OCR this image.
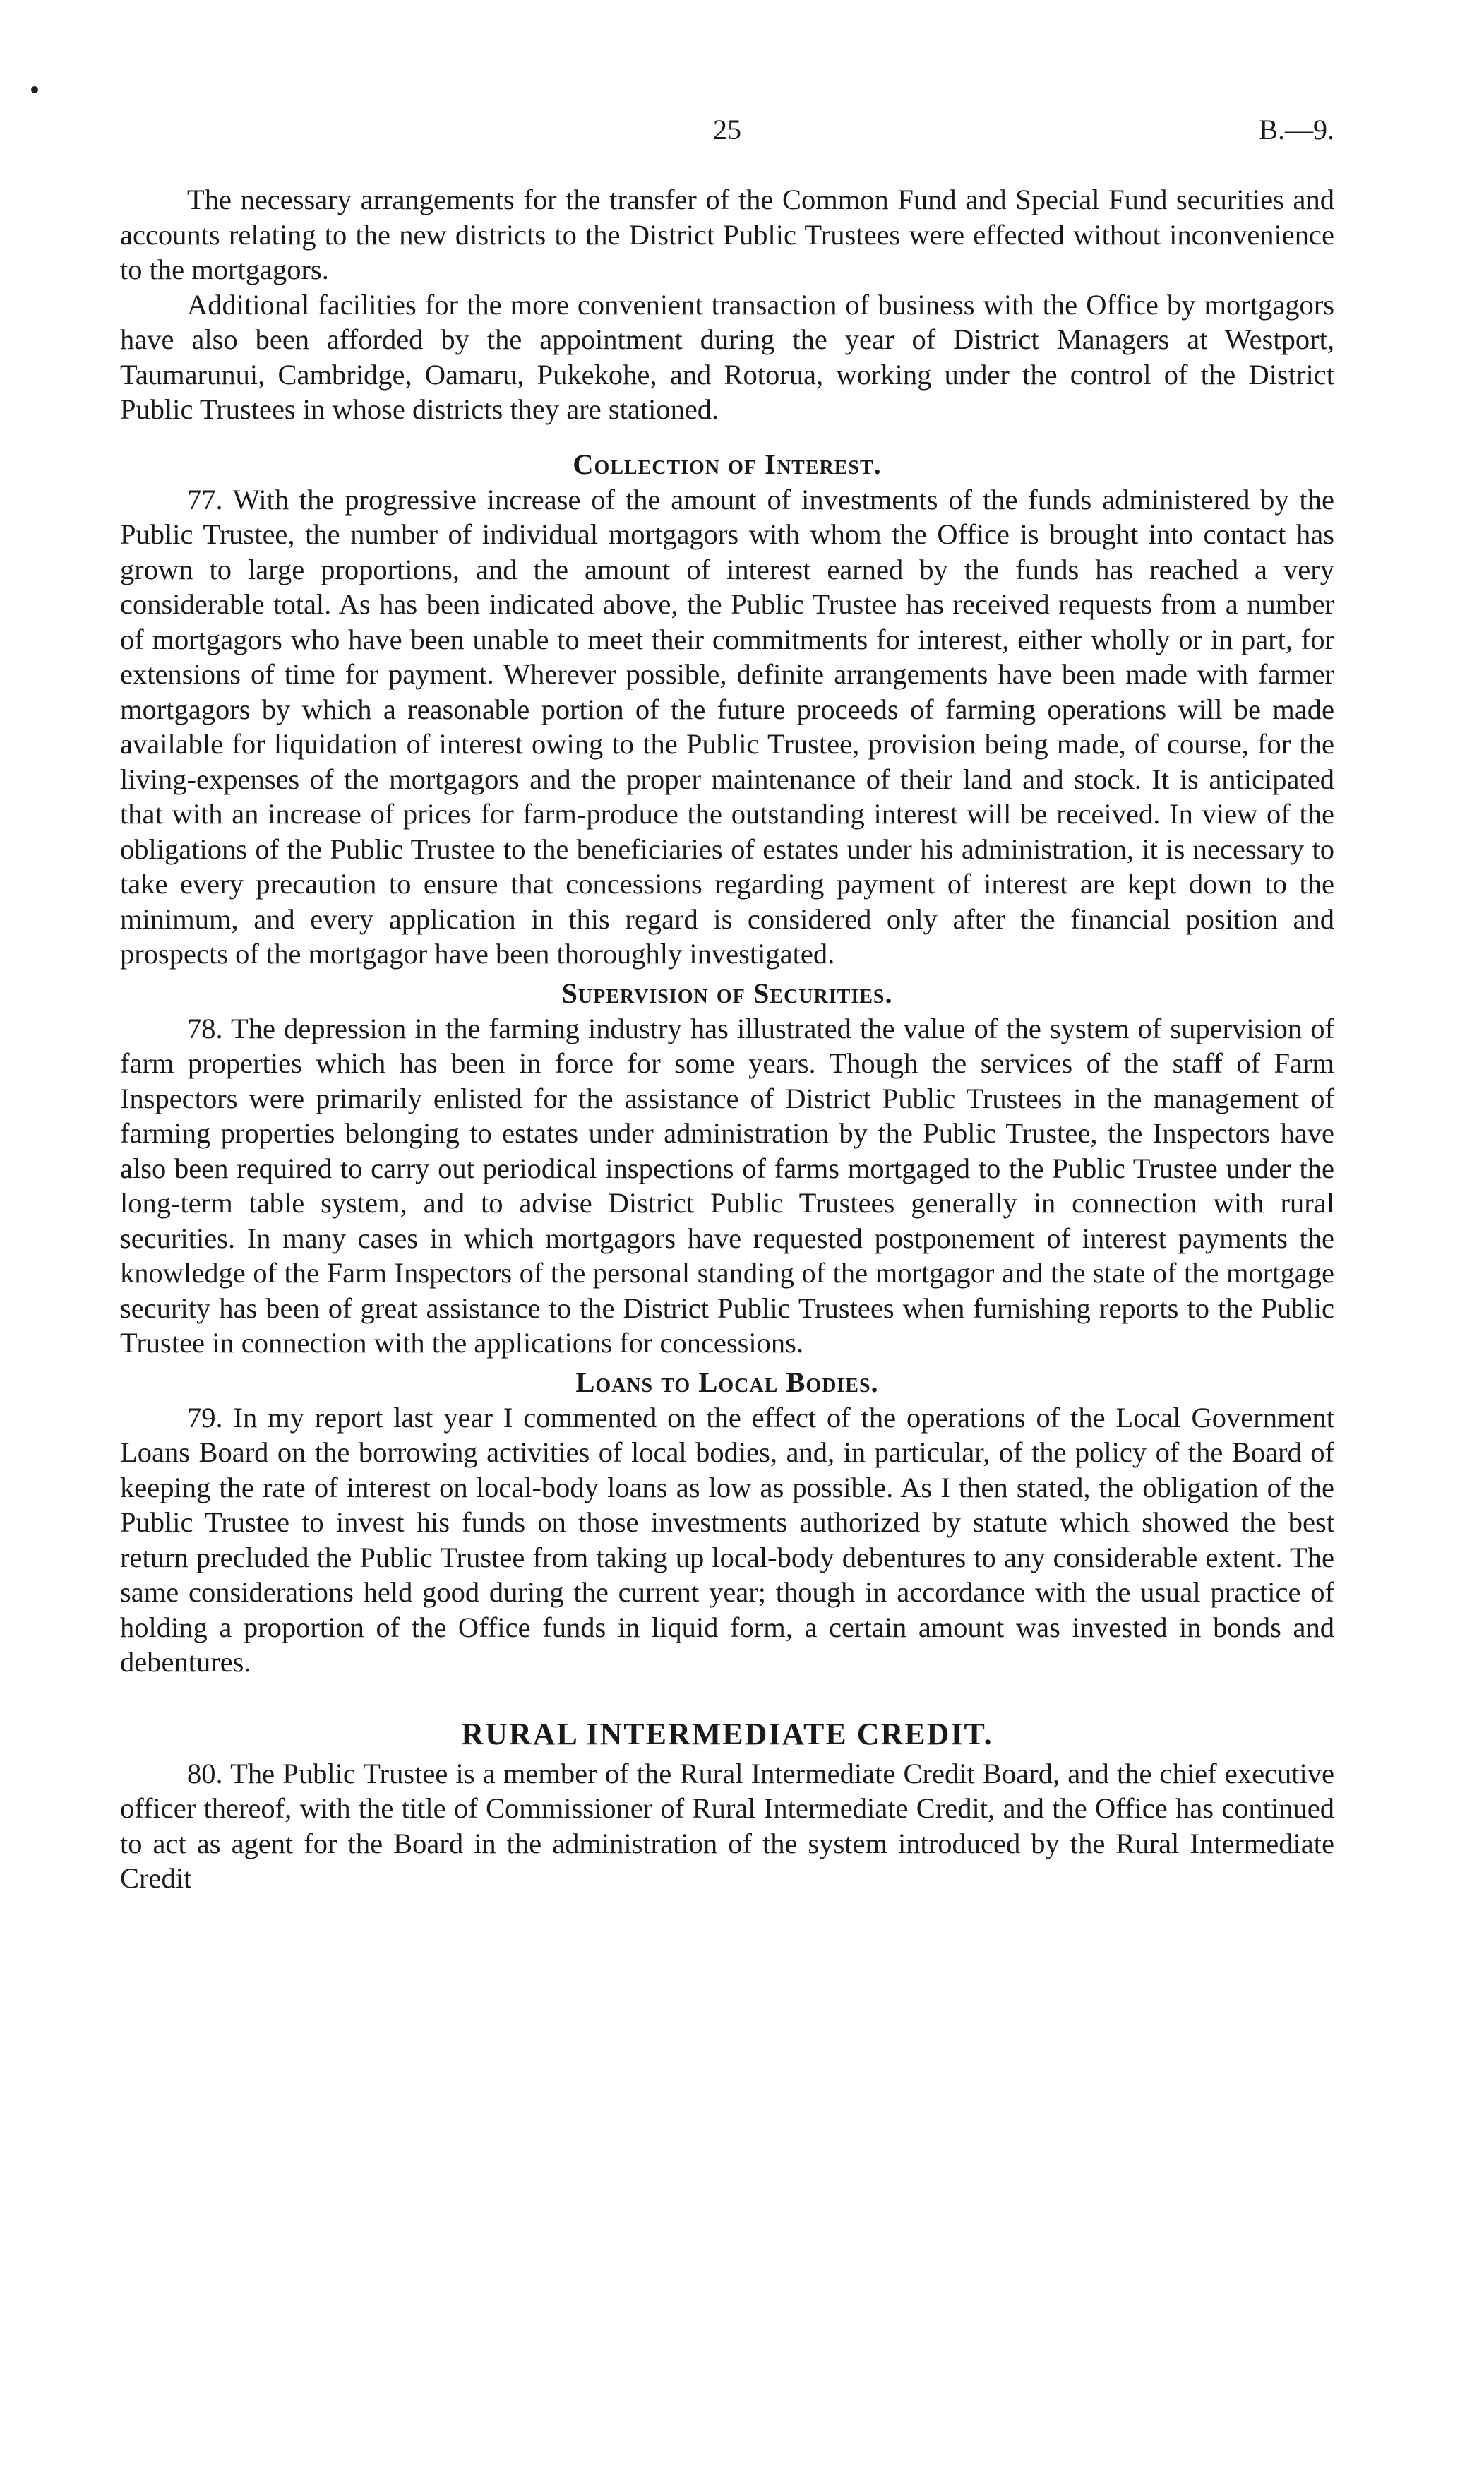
25	B.—9.

The necessary arrangements for the transfer of the Common Fund and Special Fund securities and accounts relating to the new districts to the District Public Trustees were effected without inconvenience to the mortgagors.

Additional facilities for the more convenient transaction of business with the Office by mortgagors have also been afforded by the appointment during the year of District Managers at Westport, Taumarunui, Cambridge, Oamaru, Pukekohe, and Rotorua, working under the control of the District Public Trustees in whose districts they are stationed.

Collection of Interest.

77. With the progressive increase of the amount of investments of the funds administered by the Public Trustee, the number of individual mortgagors with whom the Office is brought into contact has grown to large proportions, and the amount of interest earned by the funds has reached a very considerable total. As has been indicated above, the Public Trustee has received requests from a number of mortgagors who have been unable to meet their commitments for interest, either wholly or in part, for extensions of time for payment. Wherever possible, definite arrangements have been made with farmer mortgagors by which a reasonable portion of the future proceeds of farming operations will be made available for liquidation of interest owing to the Public Trustee, provision being made, of course, for the living-expenses of the mortgagors and the proper maintenance of their land and stock. It is anticipated that with an increase of prices for farm-produce the outstanding interest will be received. In view of the obligations of the Public Trustee to the beneficiaries of estates under his administration, it is necessary to take every precaution to ensure that concessions regarding payment of interest are kept down to the minimum, and every application in this regard is considered only after the financial position and prospects of the mortgagor have been thoroughly investigated.

Supervision of Securities.

78. The depression in the farming industry has illustrated the value of the system of supervision of farm properties which has been in force for some years. Though the services of the staff of Farm Inspectors were primarily enlisted for the assistance of District Public Trustees in the management of farming properties belonging to estates under administration by the Public Trustee, the Inspectors have also been required to carry out periodical inspections of farms mortgaged to the Public Trustee under the long-term table system, and to advise District Public Trustees generally in connection with rural securities. In many cases in which mortgagors have requested postponement of interest payments the knowledge of the Farm Inspectors of the personal standing of the mortgagor and the state of the mortgage security has been of great assistance to the District Public Trustees when furnishing reports to the Public Trustee in connection with the applications for concessions.

Loans to Local Bodies.

79. In my report last year I commented on the effect of the operations of the Local Government Loans Board on the borrowing activities of local bodies, and, in particular, of the policy of the Board of keeping the rate of interest on local-body loans as low as possible. As I then stated, the obligation of the Public Trustee to invest his funds on those investments authorized by statute which showed the best return precluded the Public Trustee from taking up local-body debentures to any considerable extent. The same considerations held good during the current year; though in accordance with the usual practice of holding a proportion of the Office funds in liquid form, a certain amount was invested in bonds and debentures.

RURAL INTERMEDIATE CREDIT.

80. The Public Trustee is a member of the Rural Intermediate Credit Board, and the chief executive officer thereof, with the title of Commissioner of Rural Intermediate Credit, and the Office has continued to act as agent for the Board in the administration of the system introduced by the Rural Intermediate Credit
